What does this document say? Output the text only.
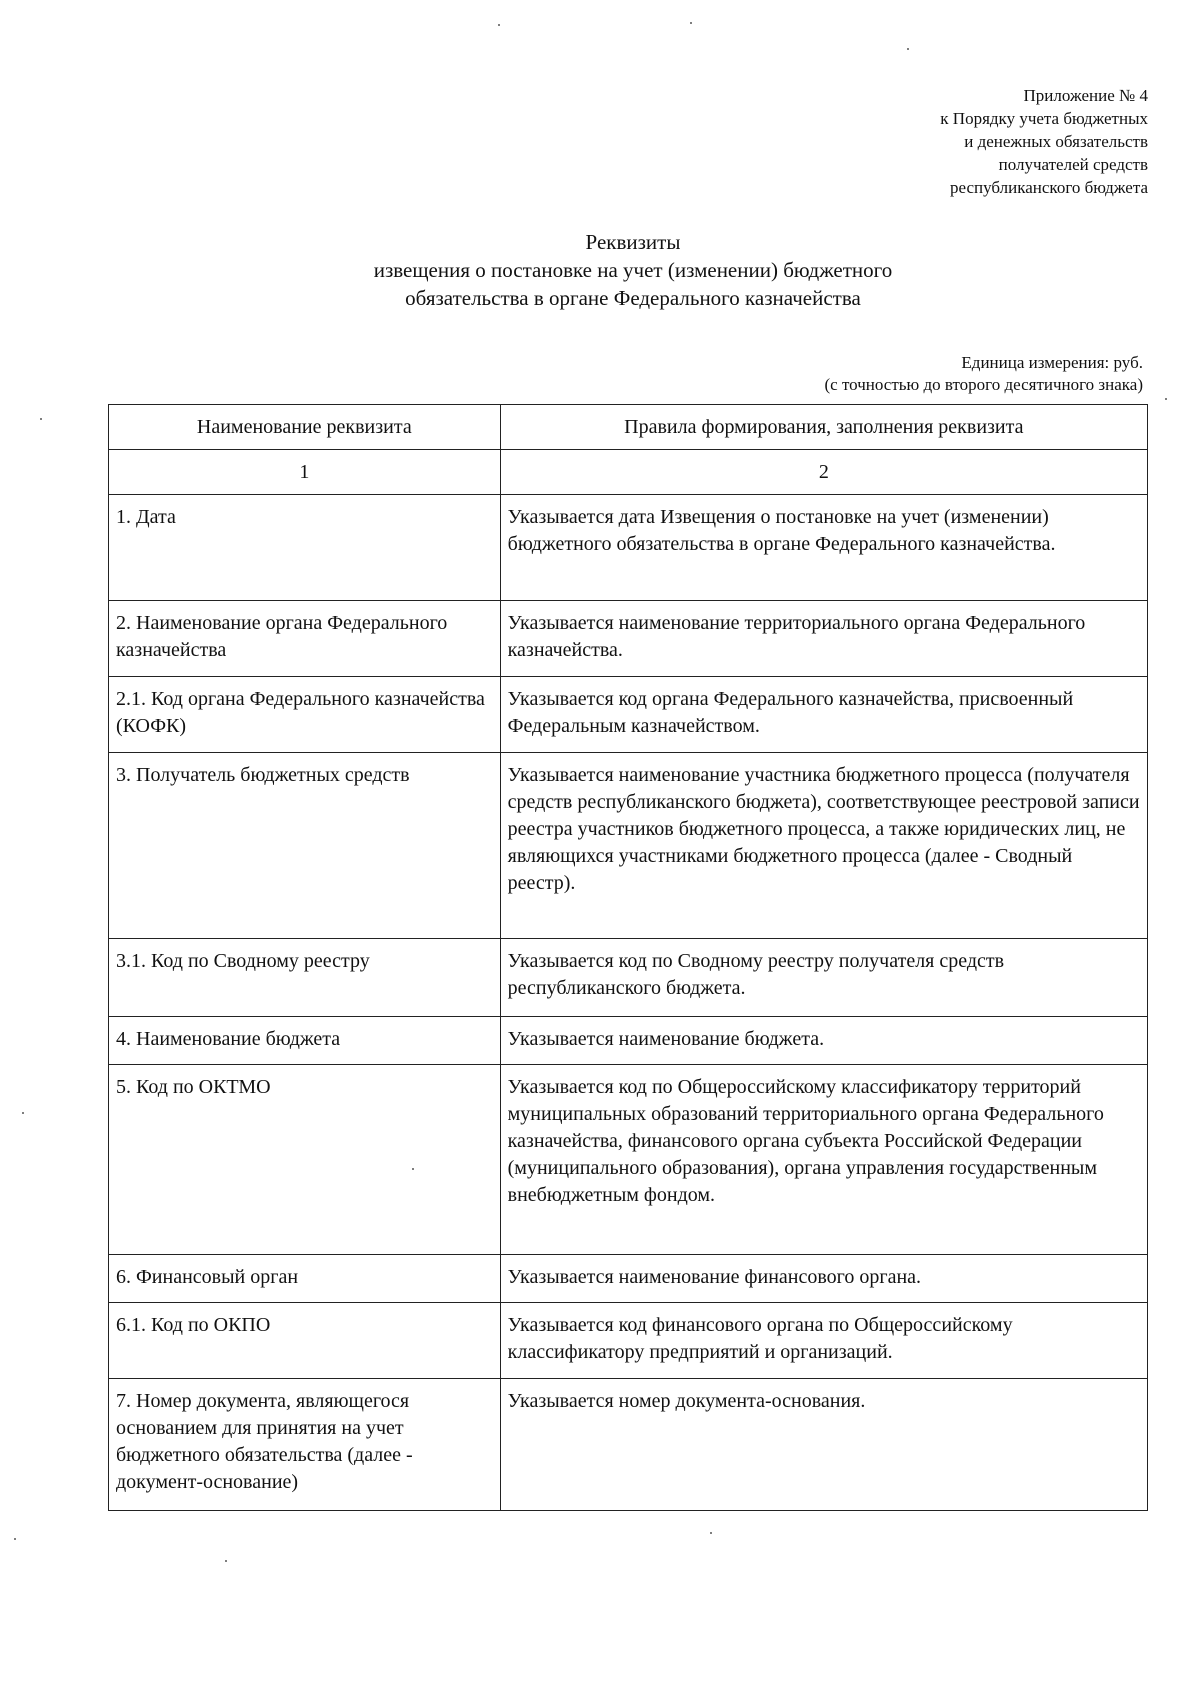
Приложение № 4
к Порядку учета бюджетных
и денежных обязательств
получателей средств
республиканского бюджета
Реквизиты
извещения о постановке на учет (изменении) бюджетного
обязательства в органе Федерального казначейства
Единица измерения: руб.
(с точностью до второго десятичного знака)
Наименование реквизита	Правила формирования, заполнения реквизита
1	2
1. Дата	Указывается дата Извещения о постановке на учет (изменении) бюджетного обязательства в органе Федерального казначейства.
2. Наименование органа Федерального казначейства	Указывается наименование территориального органа Федерального казначейства.
2.1. Код органа Федерального казначейства (КОФК)	Указывается код органа Федерального казначейства, присвоенный Федеральным казначейством.
3. Получатель бюджетных средств	Указывается наименование участника бюджетного процесса (получателя средств республиканского бюджета), соответствующее реестровой записи реестра участников бюджетного процесса, а также юридических лиц, не являющихся участниками бюджетного процесса (далее - Сводный реестр).
3.1. Код по Сводному реестру	Указывается код по Сводному реестру получателя средств республиканского бюджета.
4. Наименование бюджета	Указывается наименование бюджета.
5. Код по ОКТМО	Указывается код по Общероссийскому классификатору территорий муниципальных образований территориального органа Федерального казначейства, финансового органа субъекта Российской Федерации (муниципального образования), органа управления государственным внебюджетным фондом.
6. Финансовый орган	Указывается наименование финансового органа.
6.1. Код по ОКПО	Указывается код финансового органа по Общероссийскому классификатору предприятий и организаций.
7. Номер документа, являющегося основанием для принятия на учет бюджетного обязательства (далее - документ-основание)	Указывается номер документа-основания.
